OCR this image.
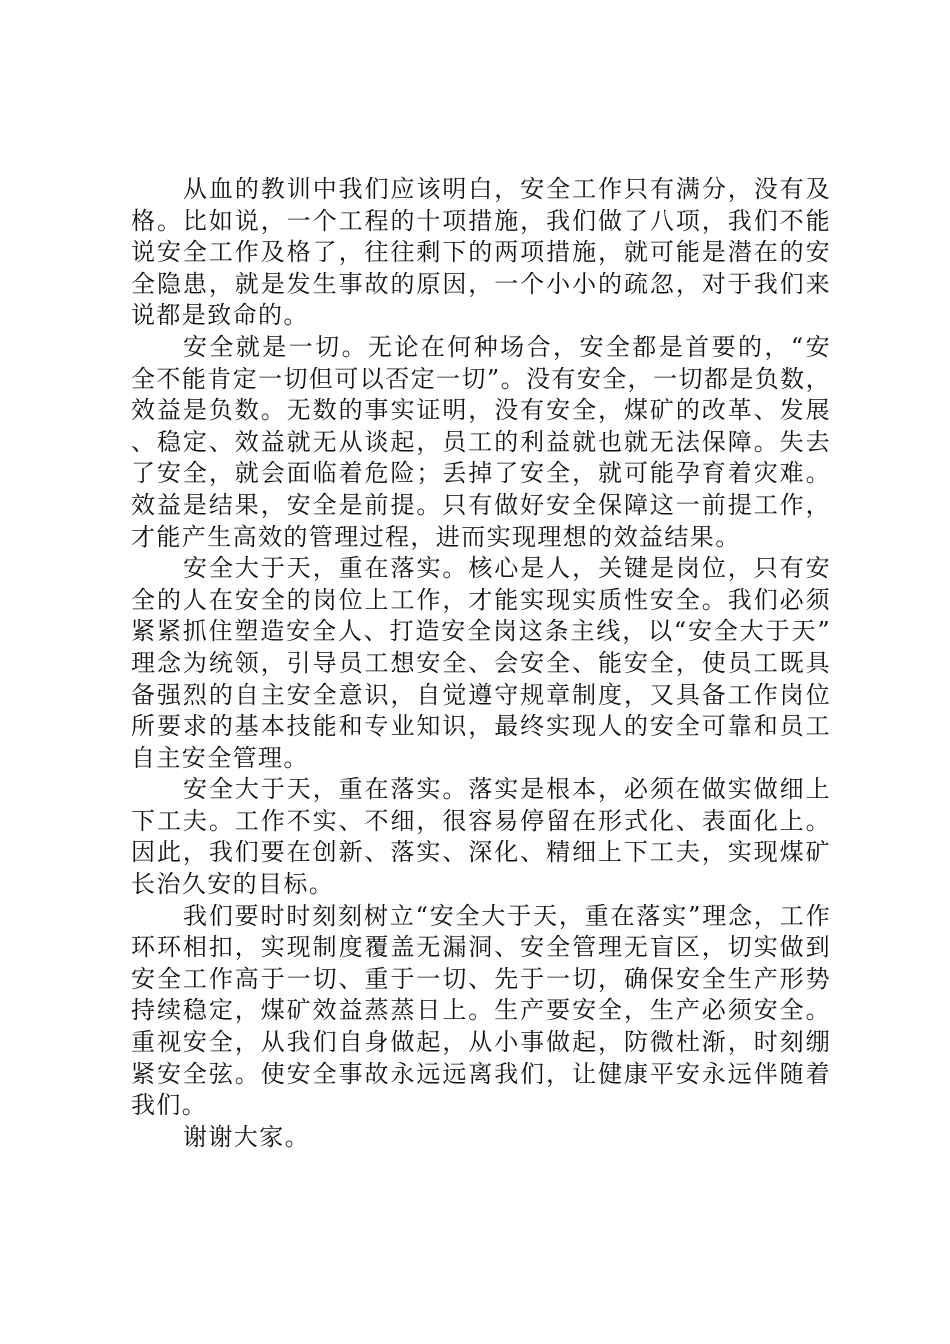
从血的教训中我们应该明白，安全工作只有满分，没有及格。比如说，一个工程的十项措施，我们做了八项，我们不能说安全工作及格了，往往剩下的两项措施，就可能是潜在的安全隐患，就是发生事故的原因，一个小小的疏忽，对于我们来说都是致命的。

安全就是一切。无论在何种场合，安全都是首要的，“安全不能肯定一切但可以否定一切”。没有安全，一切都是负数，效益是负数。无数的事实证明，没有安全，煤矿的改革、发展、稳定、效益就无从谈起，员工的利益就也就无法保障。失去了安全，就会面临着危险；丢掉了安全，就可能孕育着灾难。效益是结果，安全是前提。只有做好安全保障这一前提工作，才能产生高效的管理过程，进而实现理想的效益结果。

安全大于天，重在落实。核心是人，关键是岗位，只有安全的人在安全的岗位上工作，才能实现实质性安全。我们必须紧紧抓住塑造安全人、打造安全岗这条主线，以“安全大于天”理念为统领，引导员工想安全、会安全、能安全，使员工既具备强烈的自主安全意识，自觉遵守规章制度，又具备工作岗位所要求的基本技能和专业知识，最终实现人的安全可靠和员工自主安全管理。

安全大于天，重在落实。落实是根本，必须在做实做细上下工夫。工作不实、不细，很容易停留在形式化、表面化上。因此，我们要在创新、落实、深化、精细上下工夫，实现煤矿长治久安的目标。

我们要时时刻刻树立“安全大于天，重在落实”理念，工作环环相扣，实现制度覆盖无漏洞、安全管理无盲区，切实做到安全工作高于一切、重于一切、先于一切，确保安全生产形势持续稳定，煤矿效益蒸蒸日上。生产要安全，生产必须安全。重视安全，从我们自身做起，从小事做起，防微杜渐，时刻绷紧安全弦。使安全事故永远远离我们，让健康平安永远伴随着我们。

谢谢大家。
